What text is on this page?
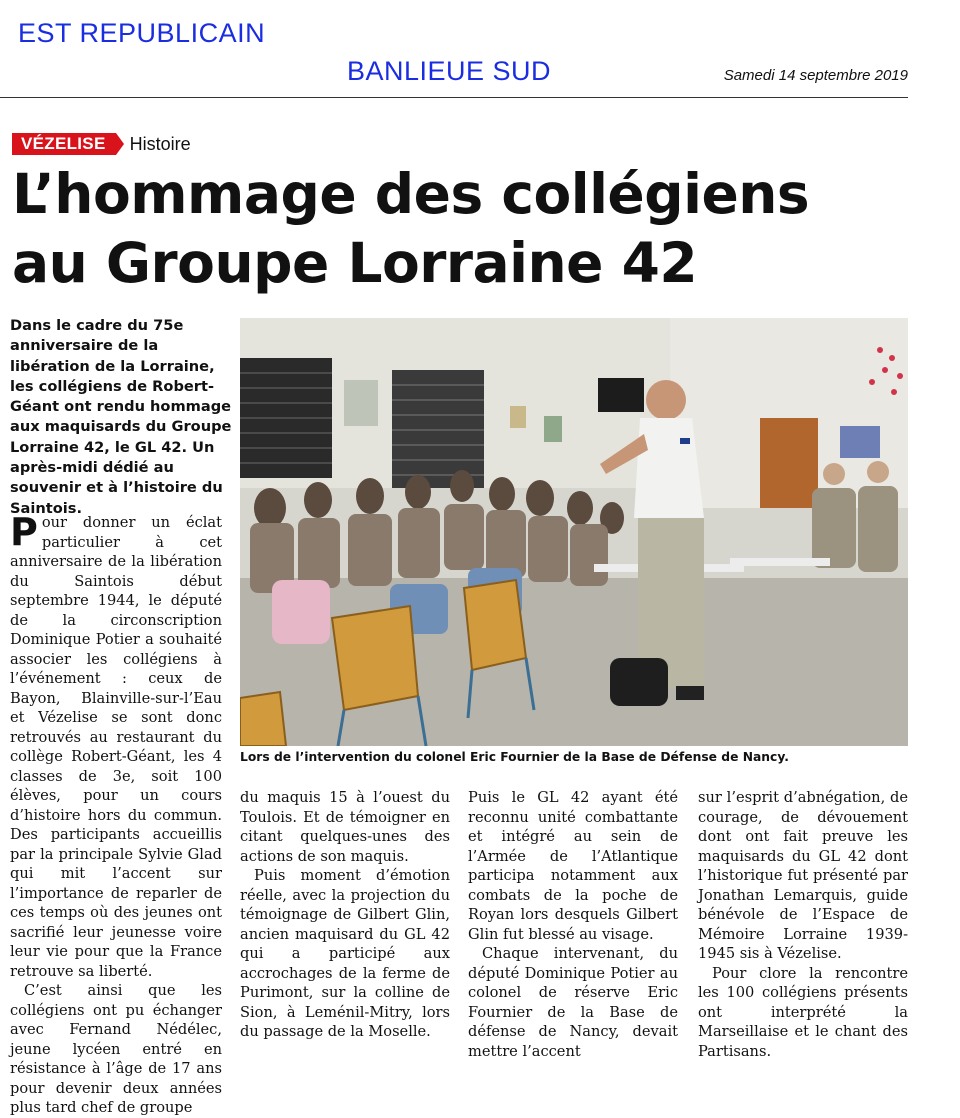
EST REPUBLICAIN
BANLIEUE SUD	Samedi 14 septembre 2019
VÉZELISE	Histoire
L’hommage des collégiens
au Groupe Lorraine 42
Dans le cadre du 75e anniversaire de la libération de la Lorraine, les collégiens de Robert-Géant ont rendu hommage aux maquisards du Groupe Lorraine 42, le GL 42. Un après-midi dédié au souvenir et à l’histoire du Saintois.
Lors de l’intervention du colonel Eric Fournier de la Base de Défense de Nancy.

Pour donner un éclat particulier à cet anniversaire de la libération du Saintois début septembre 1944, le député de la circonscription Dominique Potier a souhaité associer les collégiens à l’événement : ceux de Bayon, Blainville-sur-l’Eau et Vézelise se sont donc retrouvés au restaurant du collège Robert-Géant, les 4 classes de 3e, soit 100 élèves, pour un cours d’histoire hors du commun. Des participants accueillis par la principale Sylvie Glad qui mit l’accent sur l’importance de reparler de ces temps où des jeunes ont sacrifié leur jeunesse voire leur vie pour que la France retrouve sa liberté.

C’est ainsi que les collégiens ont pu échanger avec Fernand Nédélec, jeune lycéen entré en résistance à l’âge de 17 ans pour devenir deux années plus tard chef de groupe

du maquis 15 à l’ouest du Toulois. Et de témoigner en citant quelques-unes des actions de son maquis.

Puis moment d’émotion réelle, avec la projection du témoignage de Gilbert Glin, ancien maquisard du GL 42 qui a participé aux accrochages de la ferme de Purimont, sur la colline de Sion, à Leménil-Mitry, lors du passage de la Moselle.

Puis le GL 42 ayant été reconnu unité combattante et intégré au sein de l’Armée de l’Atlantique participa notamment aux combats de la poche de Royan lors desquels Gilbert Glin fut blessé au visage.

Chaque intervenant, du député Dominique Potier au colonel de réserve Eric Fournier de la Base de défense de Nancy, devait mettre l’accent

sur l’esprit d’abnégation, de courage, de dévouement dont ont fait preuve les maquisards du GL 42 dont l’historique fut présenté par Jonathan Lemarquis, guide bénévole de l’Espace de Mémoire Lorraine 1939-1945 sis à Vézelise.

Pour clore la rencontre les 100 collégiens présents ont interprété la Marseillaise et le chant des Partisans.
